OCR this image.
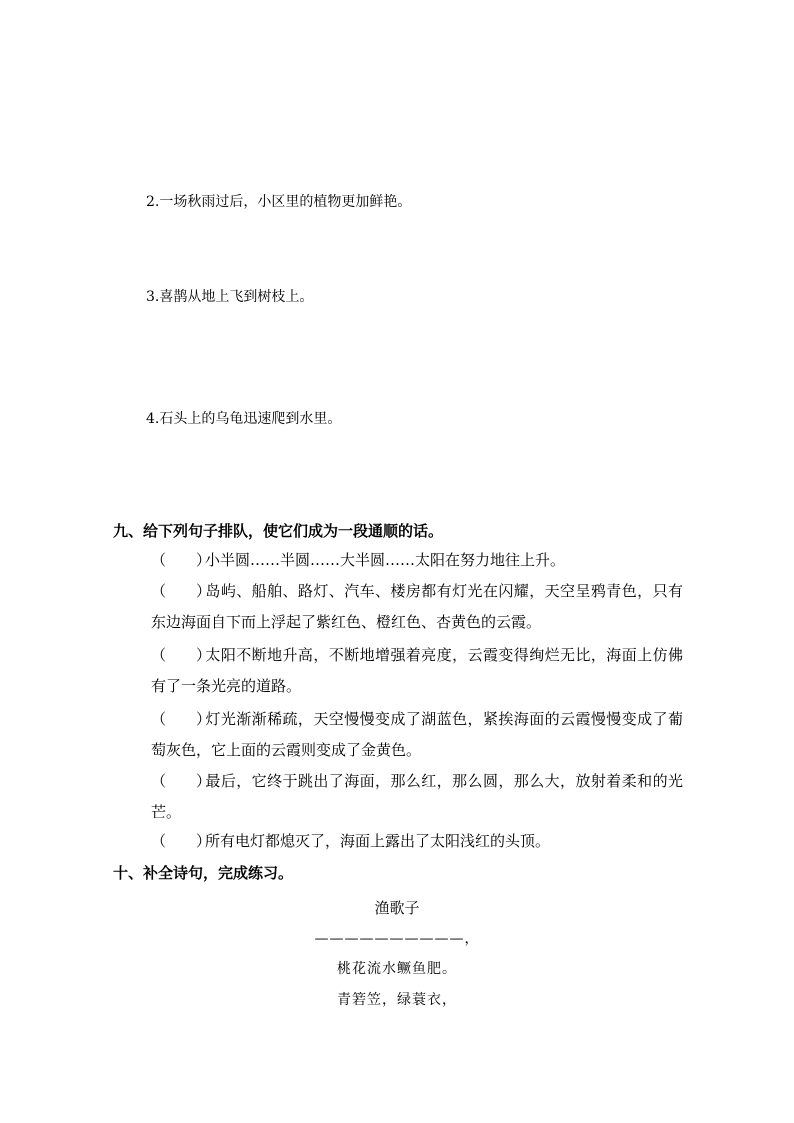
2.一场秋雨过后，小区里的植物更加鲜艳。
3.喜鹊从地上飞到树枝上。
4.石头上的乌龟迅速爬到水里。
九、给下列句子排队，使它们成为一段通顺的话。
（　　）小半圆……半圆……大半圆……太阳在努力地往上升。
（　　）岛屿、船舶、路灯、汽车、楼房都有灯光在闪耀，天空呈鸦青色，只有东边海面自下而上浮起了紫红色、橙红色、杏黄色的云霞。
（　　）太阳不断地升高，不断地增强着亮度，云霞变得绚烂无比，海面上仿佛有了一条光亮的道路。
（　　）灯光渐渐稀疏，天空慢慢变成了湖蓝色，紧挨海面的云霞慢慢变成了葡萄灰色，它上面的云霞则变成了金黄色。
（　　）最后，它终于跳出了海面，那么红，那么圆，那么大，放射着柔和的光芒。
（　　）所有电灯都熄灭了，海面上露出了太阳浅红的头顶。
十、补全诗句，完成练习。
渔歌子
——————————，
桃花流水鳜鱼肥。
青箬笠，绿蓑衣，
